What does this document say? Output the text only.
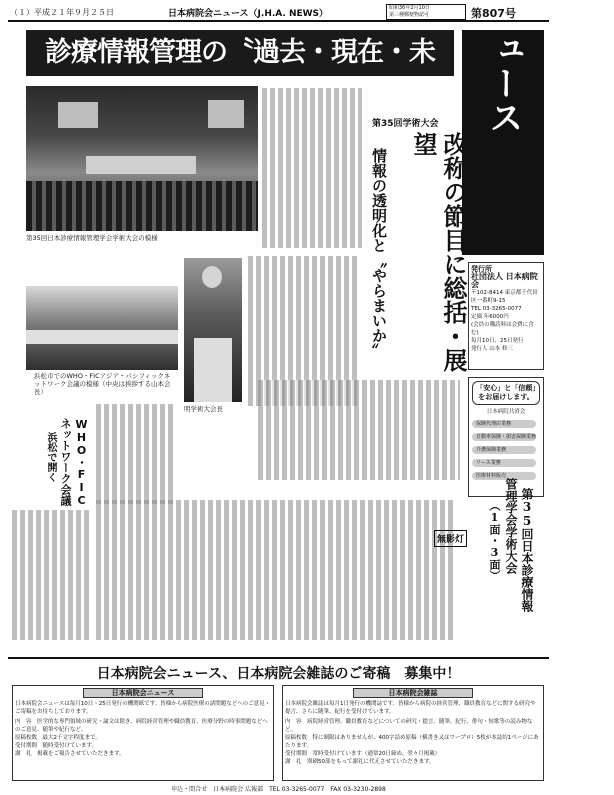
（１）平成２１年９月２５日	日本病院会ニュース（J.H.A. NEWS）
昭和36年2月10日
第三種郵便物認可	第807号
診療情報管理の〝過去・現在・未	日本病院会ニュース
発行所
社団法人 日本病院会
〒102-8414 東京都千代田区一番町9-15
TEL 03-3265-0077
定価 年6000円
(会員の購読料は会費に含む)
毎月10日、25日発行
発行人 山本 修三
「安心」と「信頼」をお届けします。
日本病院共済会
保険代理店業務
自動車保険・損害保険業務
介護保険業務
リース業務
医療材料販売
第35回日本診療情報管理学会学術大会の模様
浜松市でのWHO・FICアジア・パシフィックネットワーク会議の模様（中央は挨拶する山本会長）
明学術大会長
第35回学術大会
改称の節目に総括・展望
情報の透明化と〝やらまいか〟
第35回日本診療情報
管理学会学術大会
（1面・3面）
無影灯
WHO・FIC
ネットワーク会議
浜松で開く
日本病院会ニュース、日本病院会雑誌のご寄稿　募集中！
日本病院会ニュース
日本病院会ニュースは毎月10日・25日発行の機関紙です。皆様から病院医療の諸問題などへのご意見・ご寄稿をお待ちしております。
内　容　医学的な専門領域の研究・論文は除き、病院経営管理や職員教育、医療分野の時事問題などへのご意見、随筆や紀行など。
原稿枚数　最大2千文字程度まで。
受付期間　随時受付けています。
謝　礼　掲載をご報告させていただきます。
日本病院会雑誌
日本病院会雑誌は毎月1日発行の機関誌です。皆様から病院の経営管理、職員教育などに関する研究や提言、さらに随筆、紀行を受付けています。
内　容　病院経営管理、職員教育などについての研究・提言、随筆、紀行、俳句・短歌等の読み物など。
原稿枚数　特に制限はありませんが、400字詰め原稿（横書き又はワープロ）5枚が本誌約1ページにあたります。
受付期間　常時受付けています（通常20日締め、翌々月掲載）
謝　礼　別刷50部をもって謝礼に代えさせていただきます。
申込・問合せ　日本病院会 広報部　TEL 03-3265-0077　FAX 03-3230-2898
